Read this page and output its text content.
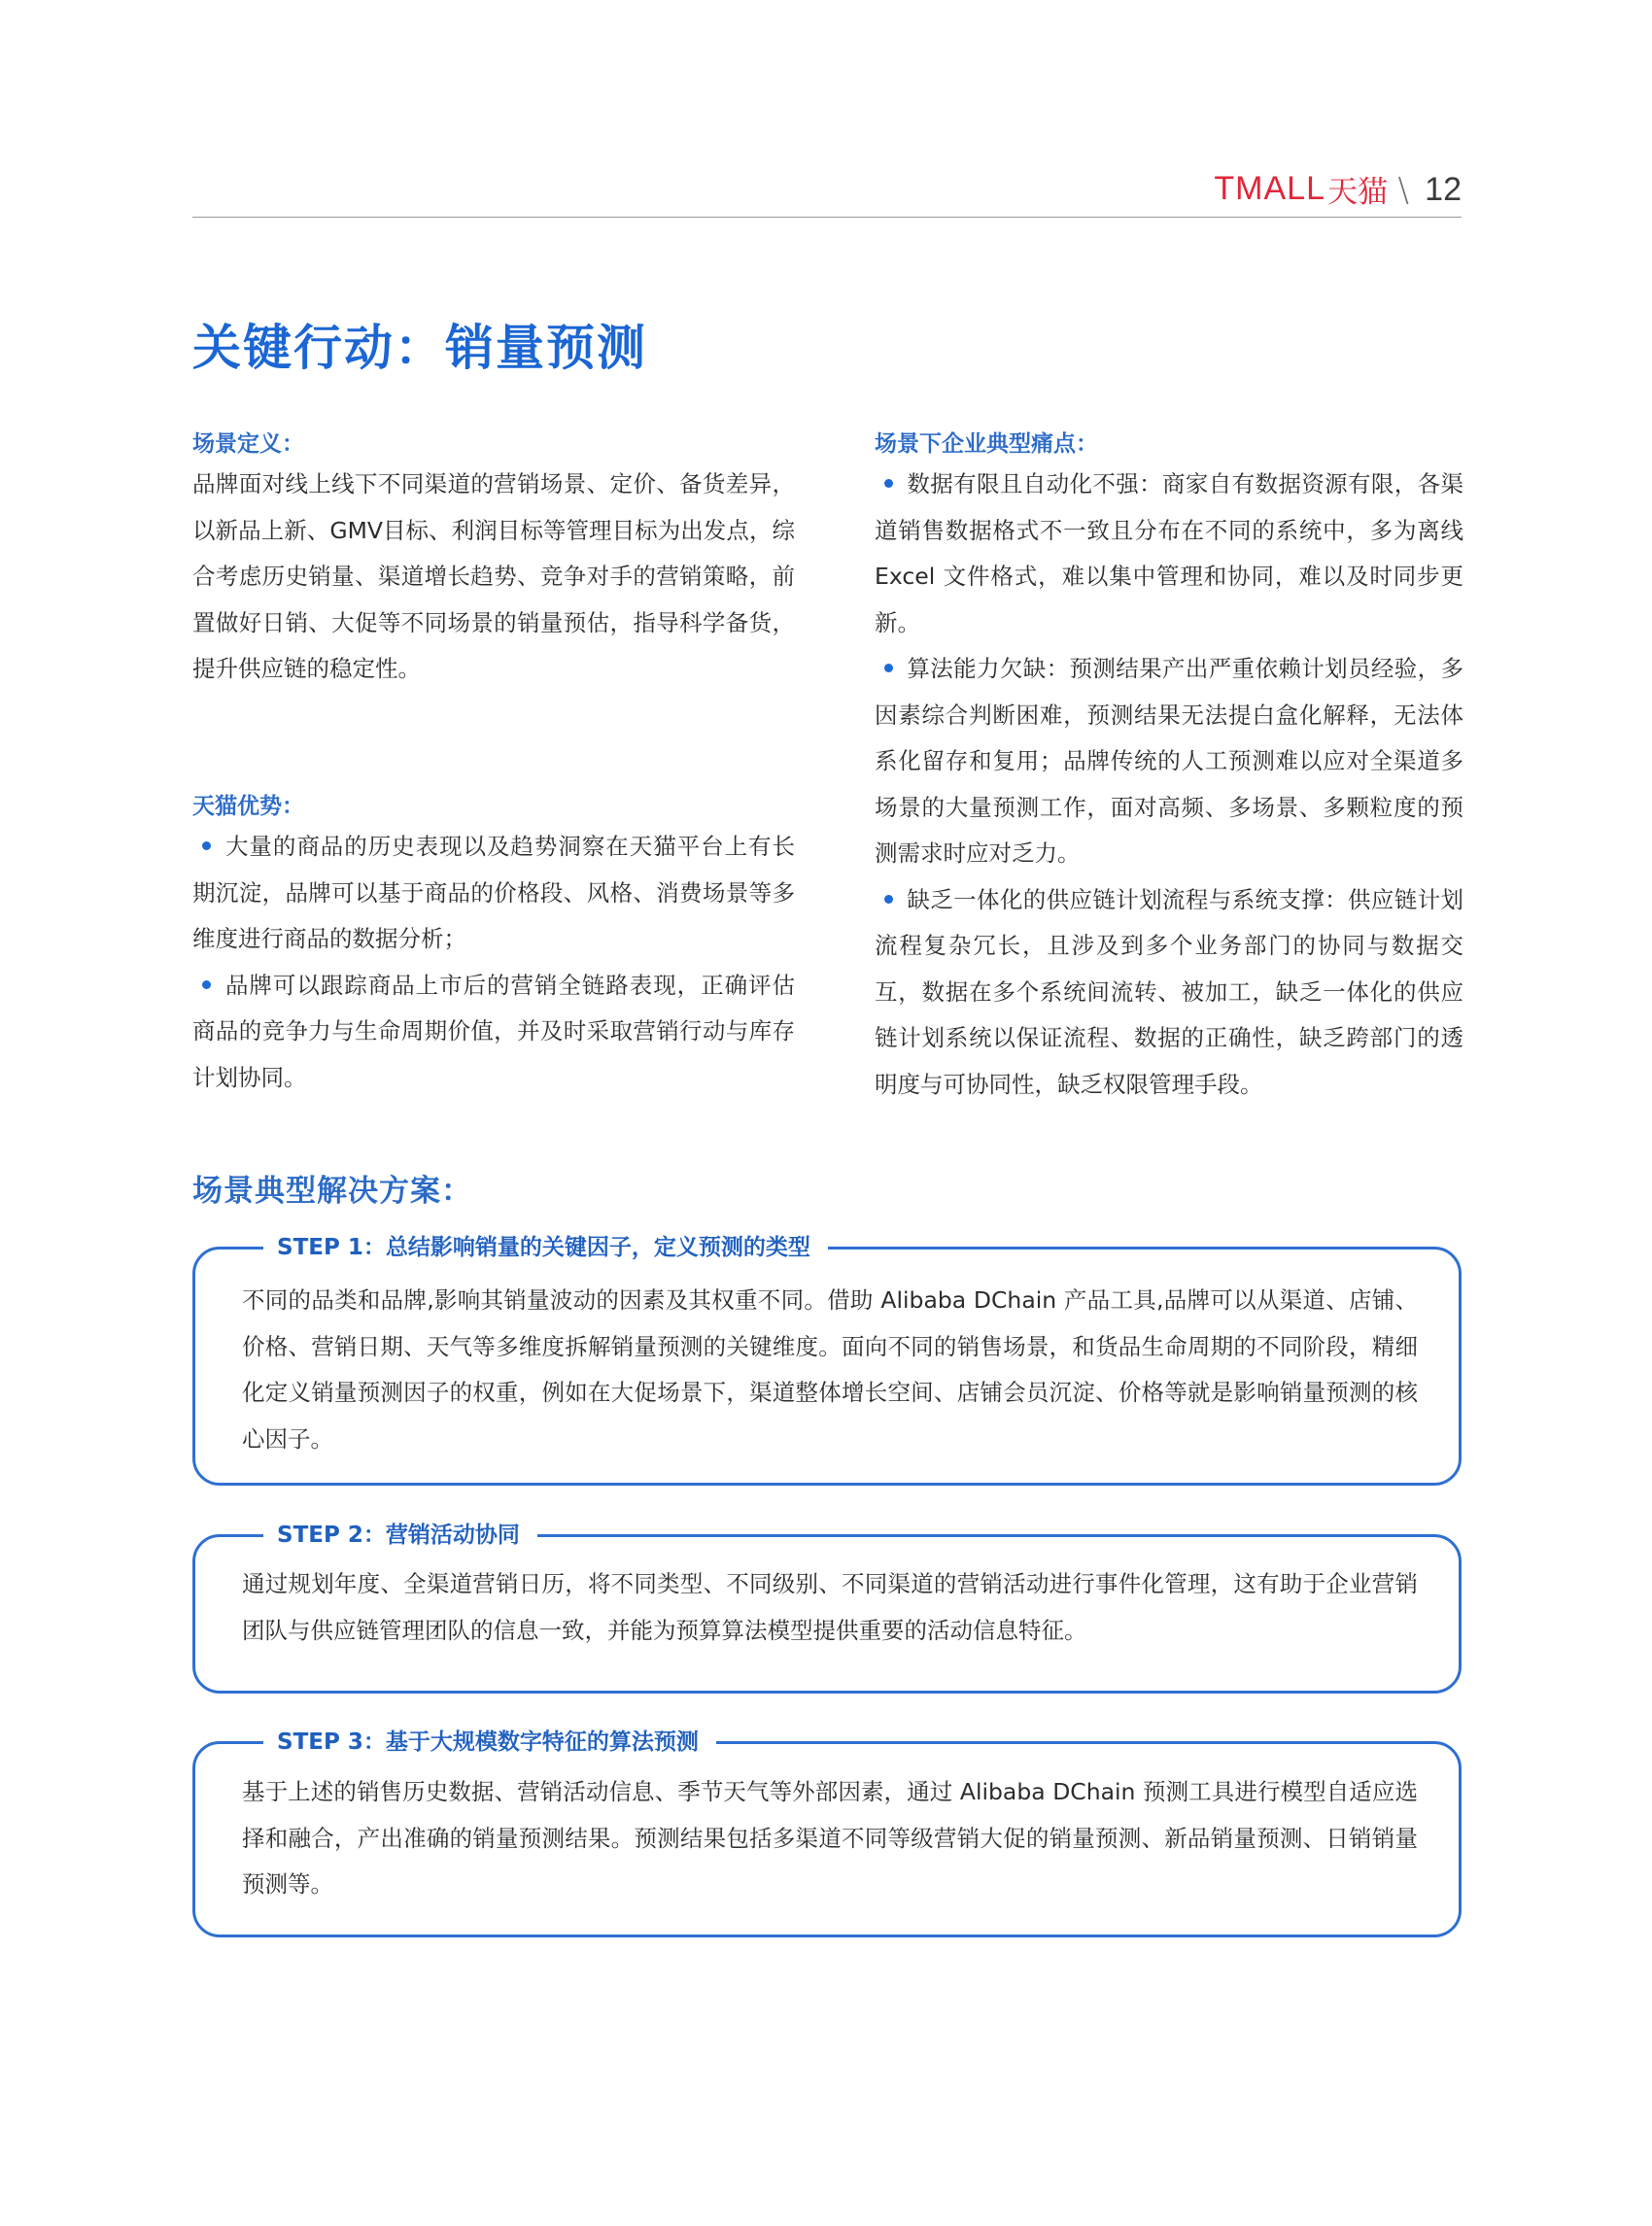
TMALL 天猫 \ 12
关键行动：销量预测
场景定义：

品牌面对线上线下不同渠道的营销场景、定价、备货差异，以新品上新、GMV目标、利润目标等管理目标为出发点，综合考虑历史销量、渠道增长趋势、竞争对手的营销策略，前置做好日销、大促等不同场景的销量预估，指导科学备货，提升供应链的稳定性。

天猫优势：

大量的商品的历史表现以及趋势洞察在天猫平台上有长期沉淀，品牌可以基于商品的价格段、风格、消费场景等多维度进行商品的数据分析；

品牌可以跟踪商品上市后的营销全链路表现，正确评估商品的竞争力与生命周期价值，并及时采取营销行动与库存计划协同。

场景下企业典型痛点：

数据有限且自动化不强：商家自有数据资源有限，各渠道销售数据格式不一致且分布在不同的系统中，多为离线 Excel 文件格式，难以集中管理和协同，难以及时同步更新。

算法能力欠缺：预测结果产出严重依赖计划员经验，多因素综合判断困难，预测结果无法提白盒化解释，无法体系化留存和复用；品牌传统的人工预测难以应对全渠道多场景的大量预测工作，面对高频、多场景、多颗粒度的预测需求时应对乏力。

缺乏一体化的供应链计划流程与系统支撑：供应链计划流程复杂冗长，且涉及到多个业务部门的协同与数据交互，数据在多个系统间流转、被加工，缺乏一体化的供应链计划系统以保证流程、数据的正确性，缺乏跨部门的透明度与可协同性，缺乏权限管理手段。

场景典型解决方案：
STEP 1：总结影响销量的关键因子，定义预测的类型

不同的品类和品牌,影响其销量波动的因素及其权重不同。借助 Alibaba DChain 产品工具,品牌可以从渠道、店铺、价格、营销日期、天气等多维度拆解销量预测的关键维度。面向不同的销售场景，和货品生命周期的不同阶段，精细化定义销量预测因子的权重，例如在大促场景下，渠道整体增长空间、店铺会员沉淀、价格等就是影响销量预测的核心因子。

STEP 2：营销活动协同

通过规划年度、全渠道营销日历，将不同类型、不同级别、不同渠道的营销活动进行事件化管理，这有助于企业营销团队与供应链管理团队的信息一致，并能为预算算法模型提供重要的活动信息特征。

STEP 3：基于大规模数字特征的算法预测

基于上述的销售历史数据、营销活动信息、季节天气等外部因素，通过 Alibaba DChain 预测工具进行模型自适应选择和融合，产出准确的销量预测结果。预测结果包括多渠道不同等级营销大促的销量预测、新品销量预测、日销销量预测等。
